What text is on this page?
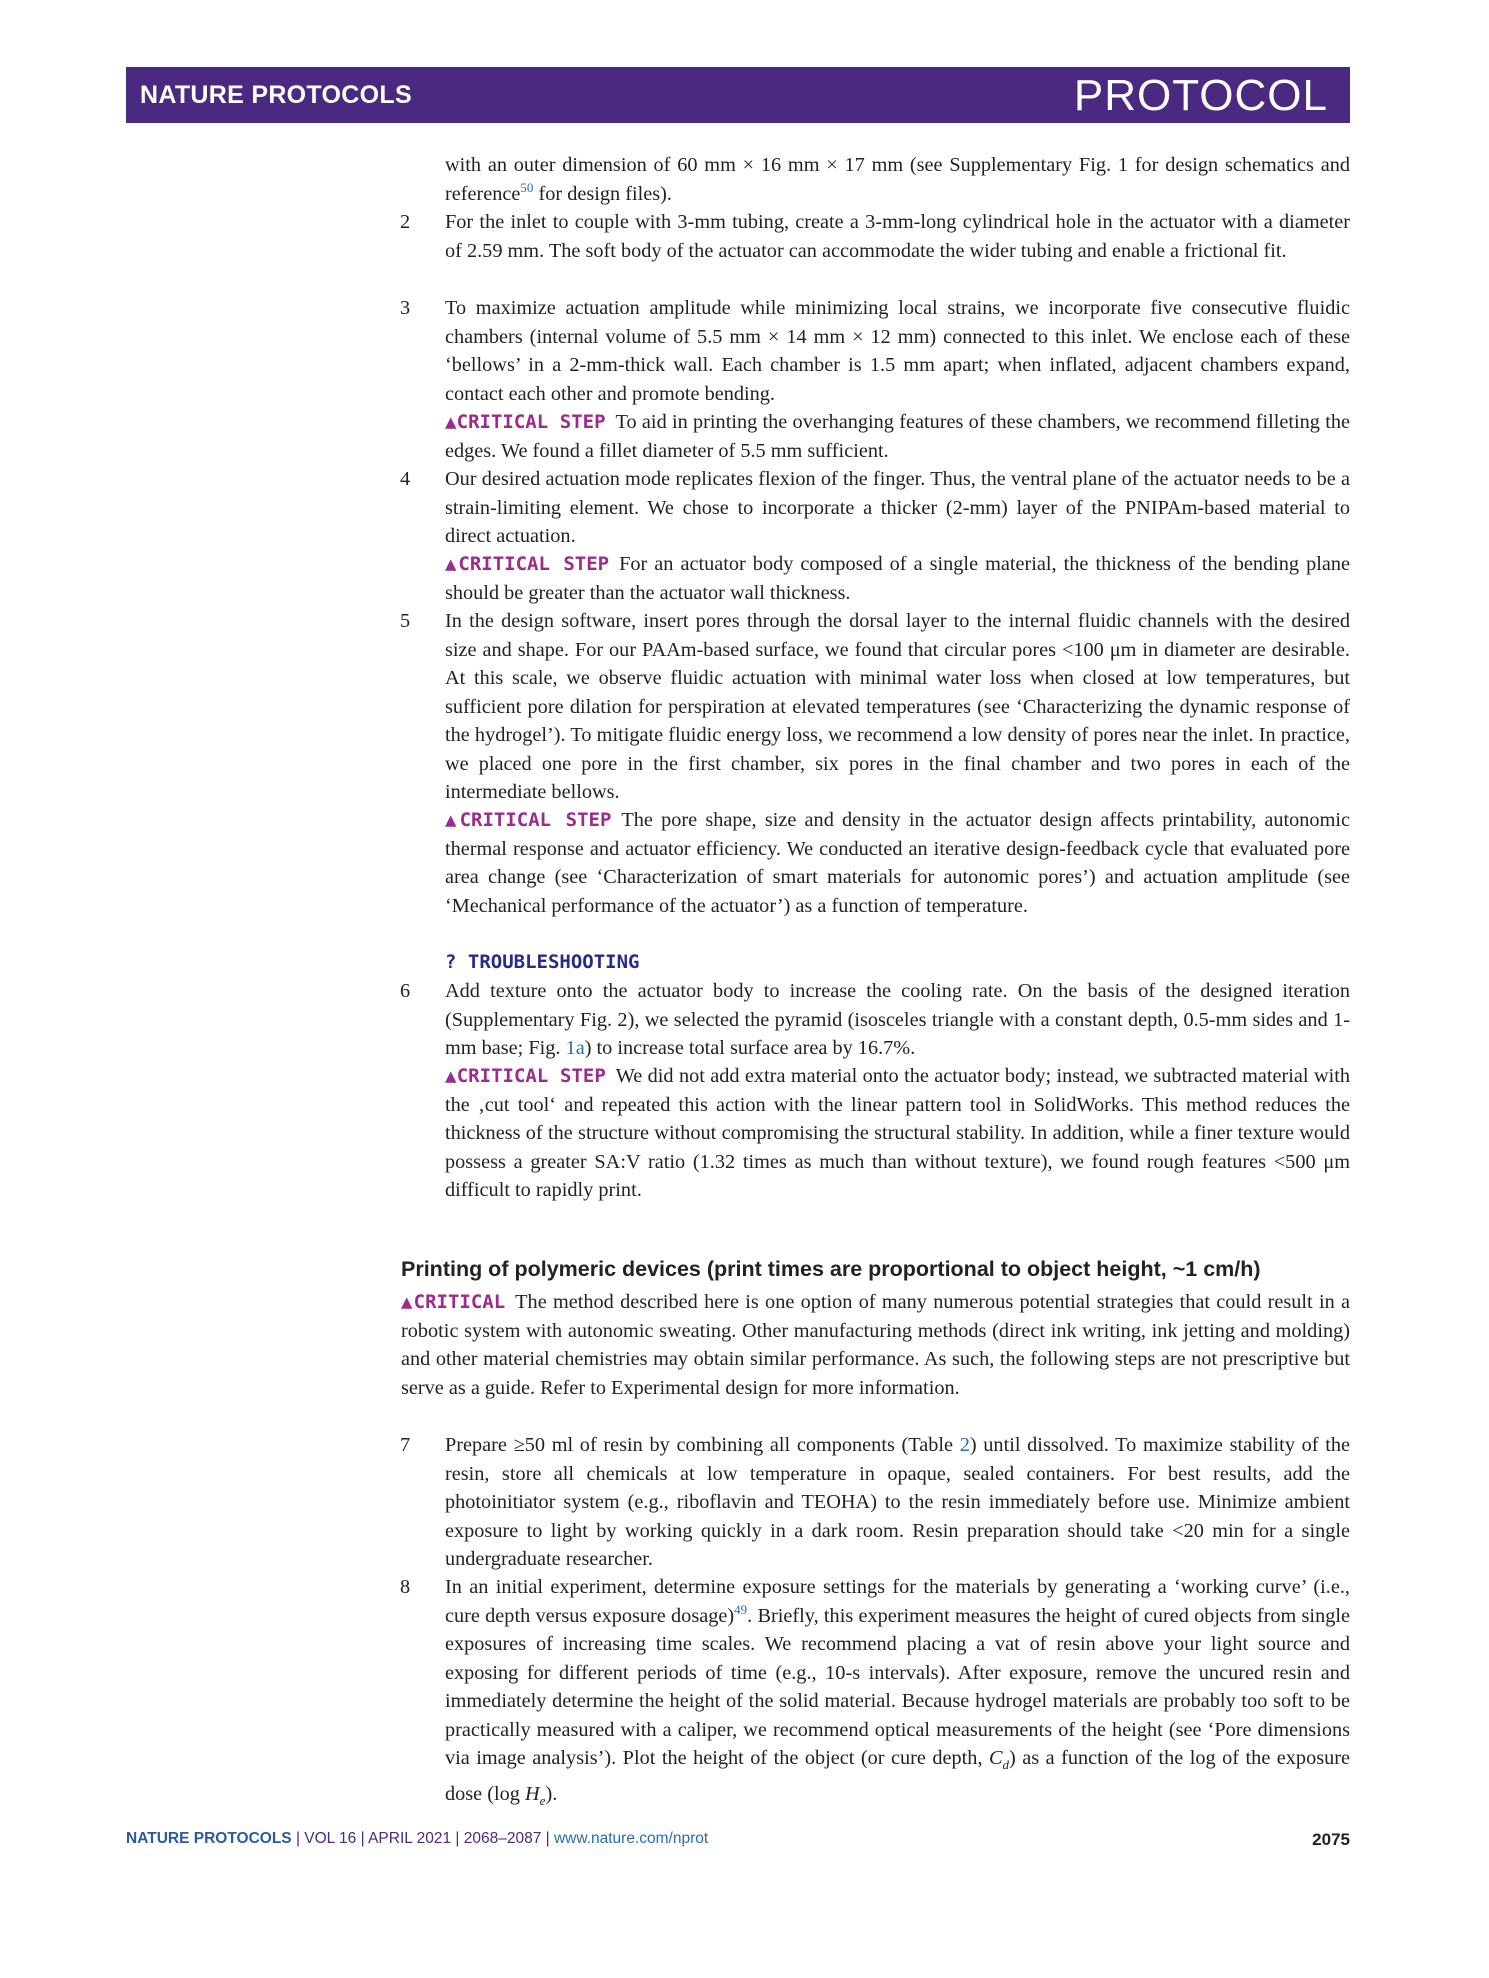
NATURE PROTOCOLS	PROTOCOL
with an outer dimension of 60 mm × 16 mm × 17 mm (see Supplementary Fig. 1 for design schematics and reference$^{50}$ for design files).
2 For the inlet to couple with 3-mm tubing, create a 3-mm-long cylindrical hole in the actuator with a diameter of 2.59 mm. The soft body of the actuator can accommodate the wider tubing and enable a frictional fit.
3 To maximize actuation amplitude while minimizing local strains, we incorporate five consecutive fluidic chambers (internal volume of 5.5 mm × 14 mm × 12 mm) connected to this inlet. We enclose each of these ‘bellows’ in a 2-mm-thick wall. Each chamber is 1.5 mm apart; when inflated, adjacent chambers expand, contact each other and promote bending.
▲CRITICAL STEP To aid in printing the overhanging features of these chambers, we recommend filleting the edges. We found a fillet diameter of 5.5 mm sufficient.
4 Our desired actuation mode replicates flexion of the finger. Thus, the ventral plane of the actuator needs to be a strain-limiting element. We chose to incorporate a thicker (2-mm) layer of the PNIPAm-based material to direct actuation.
▲CRITICAL STEP For an actuator body composed of a single material, the thickness of the bending plane should be greater than the actuator wall thickness.
5 In the design software, insert pores through the dorsal layer to the internal fluidic channels with the desired size and shape. For our PAAm-based surface, we found that circular pores <100 μm in diameter are desirable. At this scale, we observe fluidic actuation with minimal water loss when closed at low temperatures, but sufficient pore dilation for perspiration at elevated temperatures (see ‘Characterizing the dynamic response of the hydrogel’). To mitigate fluidic energy loss, we recommend a low density of pores near the inlet. In practice, we placed one pore in the first chamber, six pores in the final chamber and two pores in each of the intermediate bellows.
▲CRITICAL STEP The pore shape, size and density in the actuator design affects printability, autonomic thermal response and actuator efficiency. We conducted an iterative design-feedback cycle that evaluated pore area change (see ‘Characterization of smart materials for autonomic pores’) and actuation amplitude (see ‘Mechanical performance of the actuator’) as a function of temperature.
? TROUBLESHOOTING
6 Add texture onto the actuator body to increase the cooling rate. On the basis of the designed iteration (Supplementary Fig. 2), we selected the pyramid (isosceles triangle with a constant depth, 0.5-mm sides and 1-mm base; Fig. 1a) to increase total surface area by 16.7%.
▲CRITICAL STEP We did not add extra material onto the actuator body; instead, we subtracted material with the ‚cut tool‘ and repeated this action with the linear pattern tool in SolidWorks. This method reduces the thickness of the structure without compromising the structural stability. In addition, while a finer texture would possess a greater SA:V ratio (1.32 times as much than without texture), we found rough features <500 μm difficult to rapidly print.
Printing of polymeric devices (print times are proportional to object height, ~1 cm/h)
▲CRITICAL The method described here is one option of many numerous potential strategies that could result in a robotic system with autonomic sweating. Other manufacturing methods (direct ink writing, ink jetting and molding) and other material chemistries may obtain similar performance. As such, the following steps are not prescriptive but serve as a guide. Refer to Experimental design for more information.
7 Prepare ≥50 ml of resin by combining all components (Table 2) until dissolved. To maximize stability of the resin, store all chemicals at low temperature in opaque, sealed containers. For best results, add the photoinitiator system (e.g., riboflavin and TEOHA) to the resin immediately before use. Minimize ambient exposure to light by working quickly in a dark room. Resin preparation should take <20 min for a single undergraduate researcher.
8 In an initial experiment, determine exposure settings for the materials by generating a ‘working curve’ (i.e., cure depth versus exposure dosage)$^{49}$. Briefly, this experiment measures the height of cured objects from single exposures of increasing time scales. We recommend placing a vat of resin above your light source and exposing for different periods of time (e.g., 10-s intervals). After exposure, remove the uncured resin and immediately determine the height of the solid material. Because hydrogel materials are probably too soft to be practically measured with a caliper, we recommend optical measurements of the height (see ‘Pore dimensions via image analysis’). Plot the height of the object (or cure depth, $C_d$) as a function of the log of the exposure dose (log $H_e$).
NATURE PROTOCOLS | VOL 16 | APRIL 2021 | 2068–2087 | www.nature.com/nprot	2075
